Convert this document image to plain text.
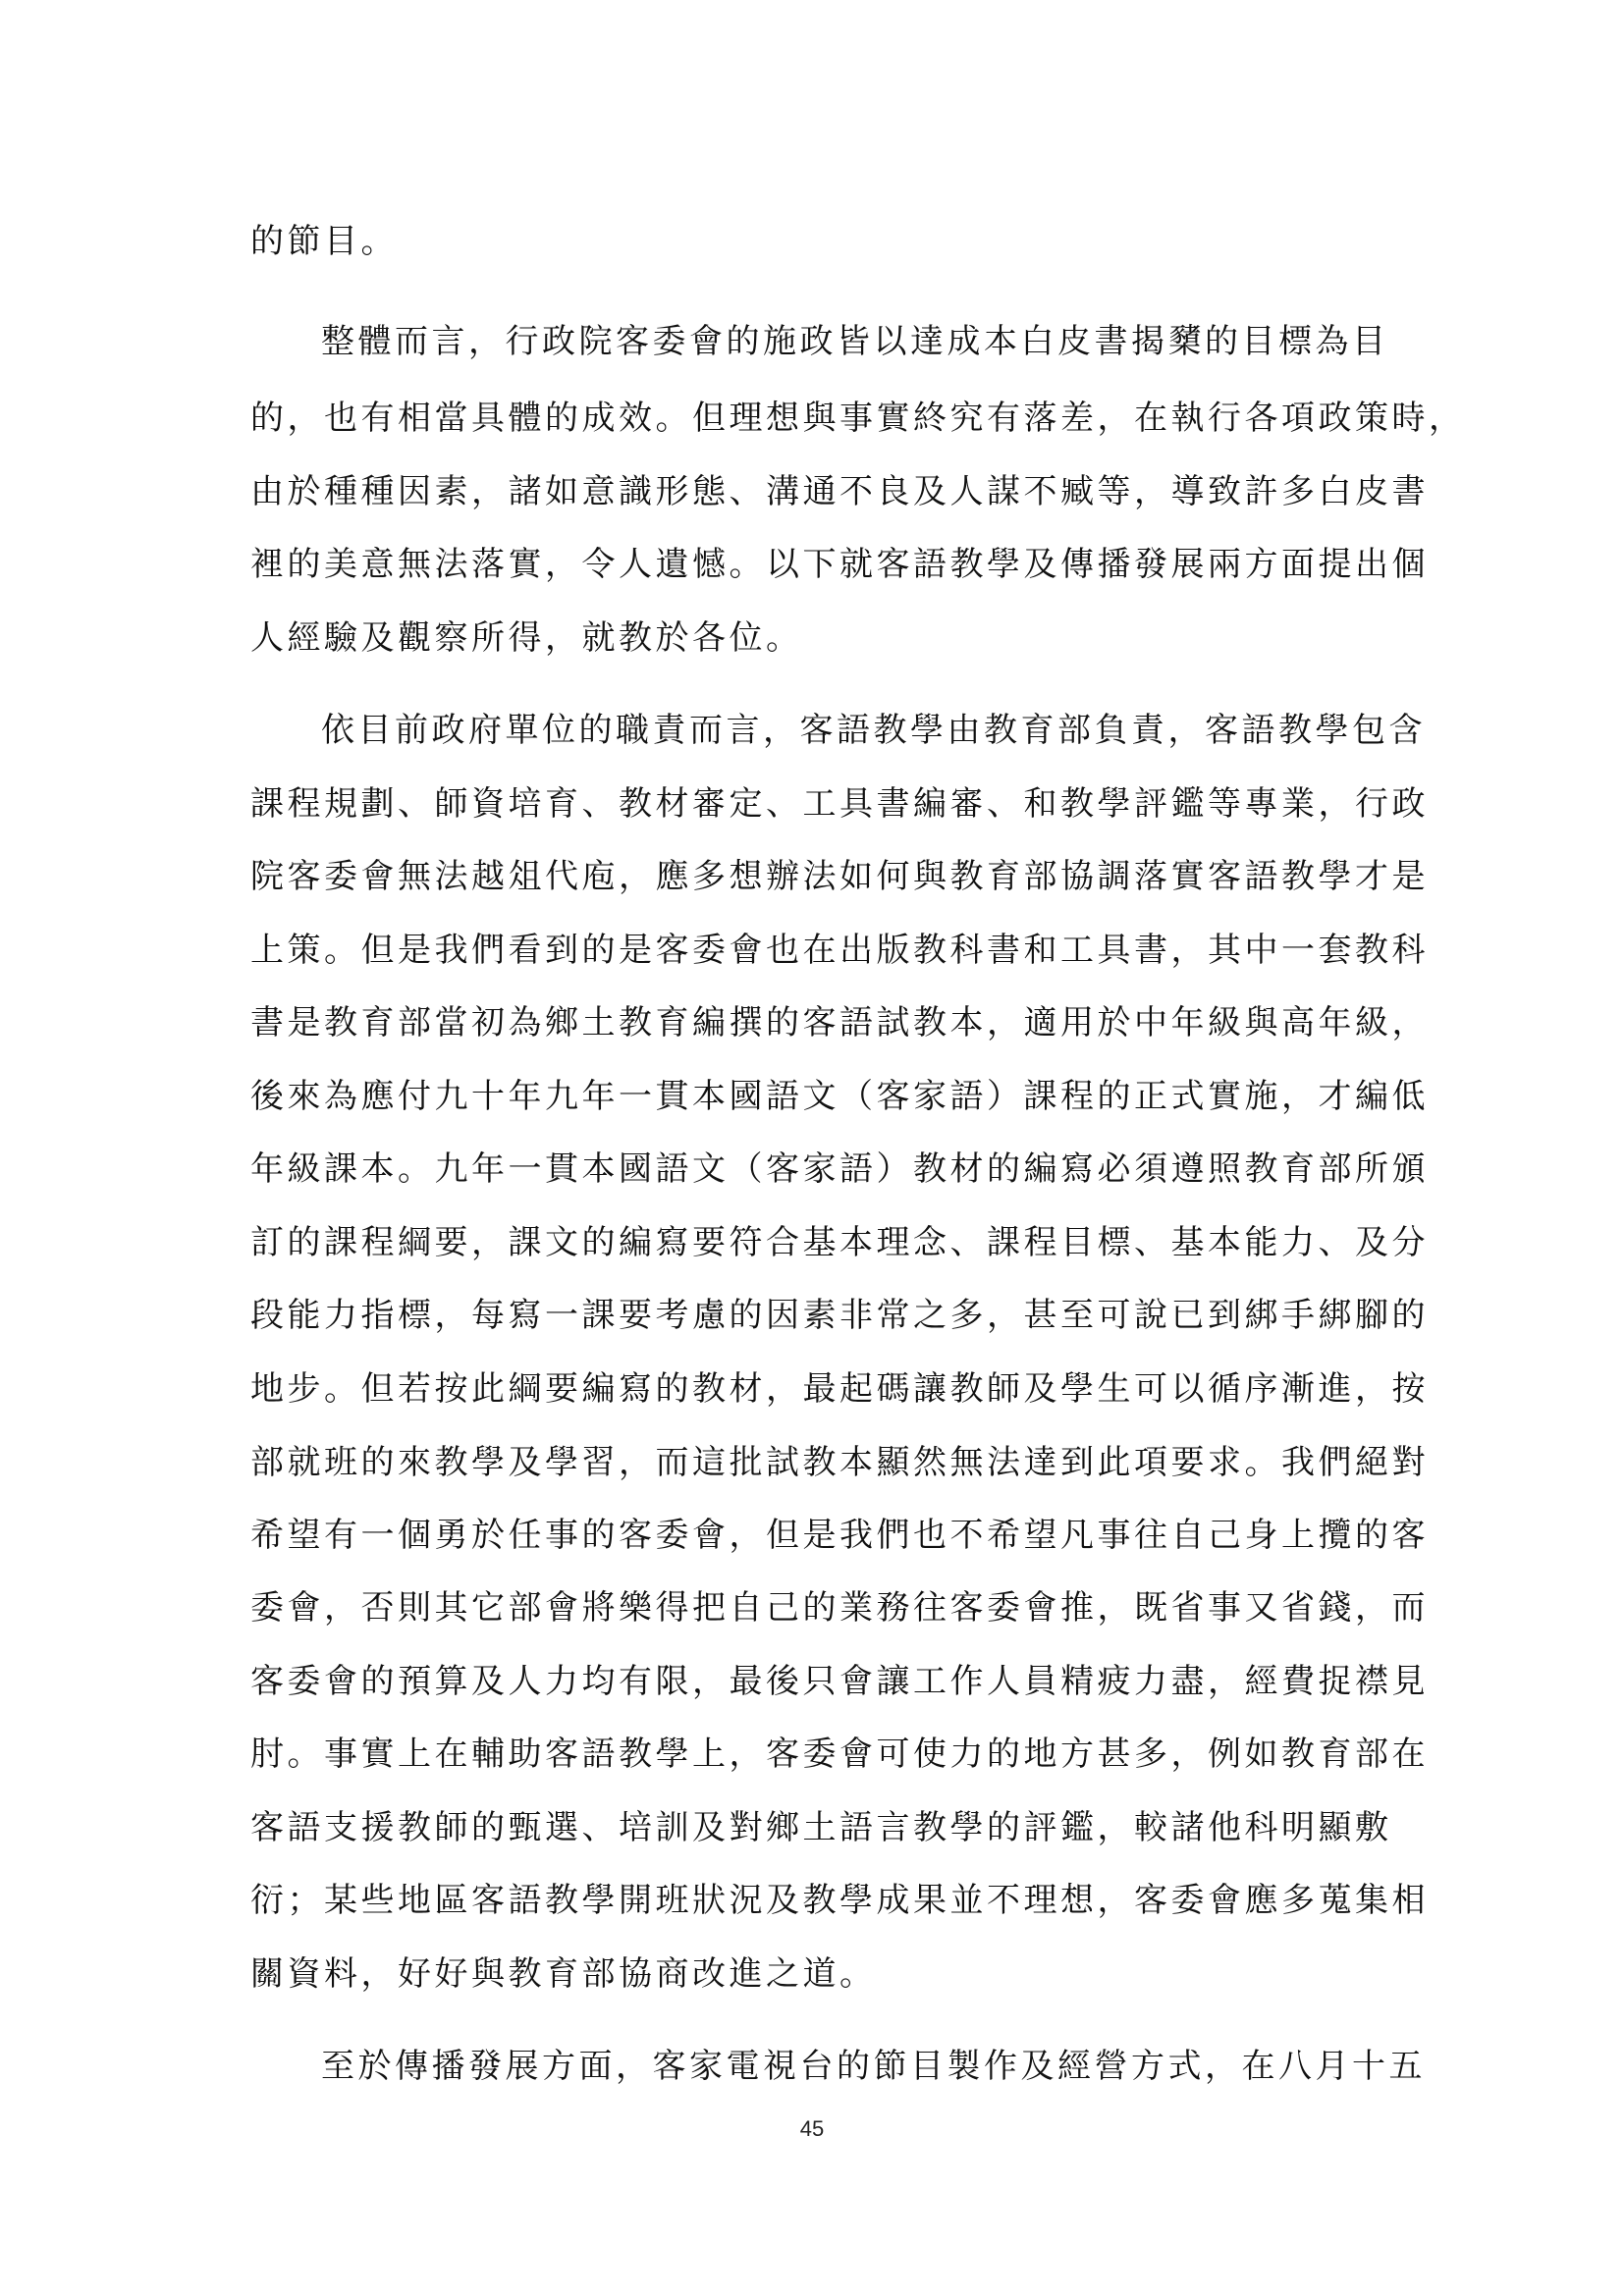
的節目。

整體而言，行政院客委會的施政皆以達成本白皮書揭櫫的目標為目

的，也有相當具體的成效。但理想與事實終究有落差，在執行各項政策時，

由於種種因素，諸如意識形態、溝通不良及人謀不臧等，導致許多白皮書

裡的美意無法落實，令人遺憾。以下就客語教學及傳播發展兩方面提出個

人經驗及觀察所得，就教於各位。

依目前政府單位的職責而言，客語教學由教育部負責，客語教學包含

課程規劃、師資培育、教材審定、工具書編審、和教學評鑑等專業，行政

院客委會無法越俎代庖，應多想辦法如何與教育部協調落實客語教學才是

上策。但是我們看到的是客委會也在出版教科書和工具書，其中一套教科

書是教育部當初為鄉土教育編撰的客語試教本，適用於中年級與高年級，

後來為應付九十年九年一貫本國語文（客家語）課程的正式實施，才編低

年級課本。九年一貫本國語文（客家語）教材的編寫必須遵照教育部所頒

訂的課程綱要，課文的編寫要符合基本理念、課程目標、基本能力、及分

段能力指標，每寫一課要考慮的因素非常之多，甚至可說已到綁手綁腳的

地步。但若按此綱要編寫的教材，最起碼讓教師及學生可以循序漸進，按

部就班的來教學及學習，而這批試教本顯然無法達到此項要求。我們絕對

希望有一個勇於任事的客委會，但是我們也不希望凡事往自己身上攬的客

委會，否則其它部會將樂得把自己的業務往客委會推，既省事又省錢，而

客委會的預算及人力均有限，最後只會讓工作人員精疲力盡，經費捉襟見

肘。事實上在輔助客語教學上，客委會可使力的地方甚多，例如教育部在

客語支援教師的甄選、培訓及對鄉土語言教學的評鑑，較諸他科明顯敷

衍；某些地區客語教學開班狀況及教學成果並不理想，客委會應多蒐集相

關資料，好好與教育部協商改進之道。

至於傳播發展方面，客家電視台的節目製作及經營方式，在八月十五

45
